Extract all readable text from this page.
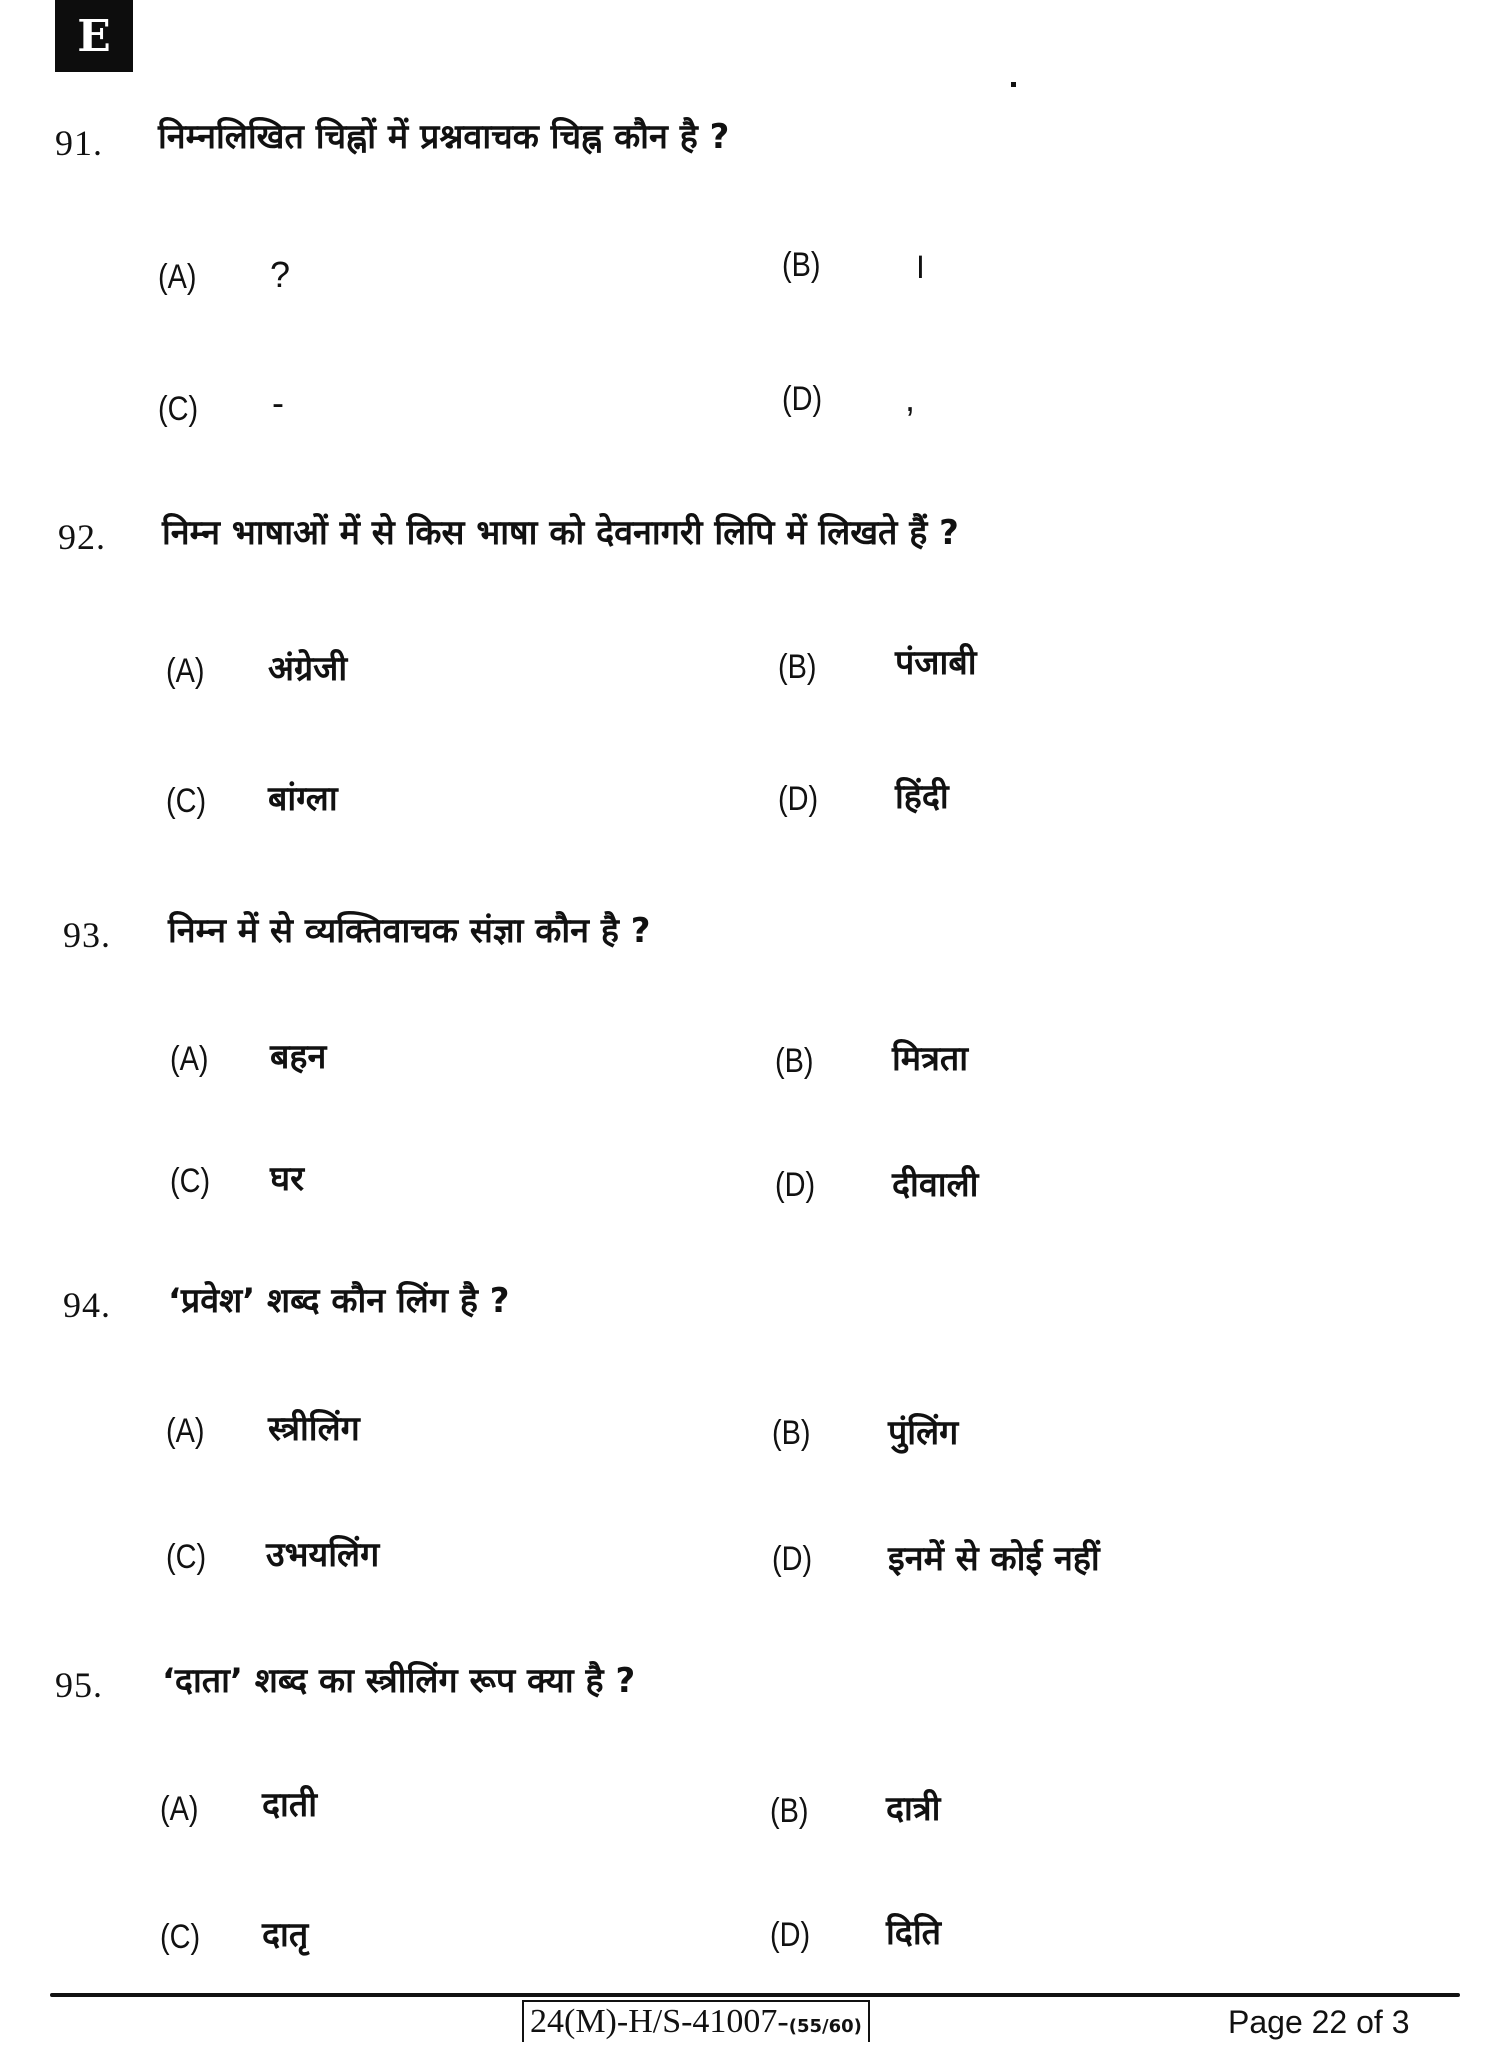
E
91. निम्नलिखित चिह्नों में प्रश्नवाचक चिह्न कौन है ?
(A) ?	(B)	।
(C) -	(D) ,
92. निम्न भाषाओं में से किस भाषा को देवनागरी लिपि में लिखते हैं ?
(A) अंग्रेजी	(B) पंजाबी
(C) बांग्ला	(D) हिंदी
93. निम्न में से व्यक्तिवाचक संज्ञा कौन है ?
(A) बहन	(B) मित्रता
(C) घर	(D) दीवाली
94. ‘प्रवेश’ शब्द कौन लिंग है ?
(A) स्त्रीलिंग	(B) पुंलिंग
(C) उभयलिंग	(D) इनमें से कोई नहीं
95. ‘दाता’ शब्द का स्त्रीलिंग रूप क्या है ?
(A) दाती	(B) दात्री
(C) दातृ	(D) दिति
24(M)-H/S-41007-(55/60)	Page 22 of 3
